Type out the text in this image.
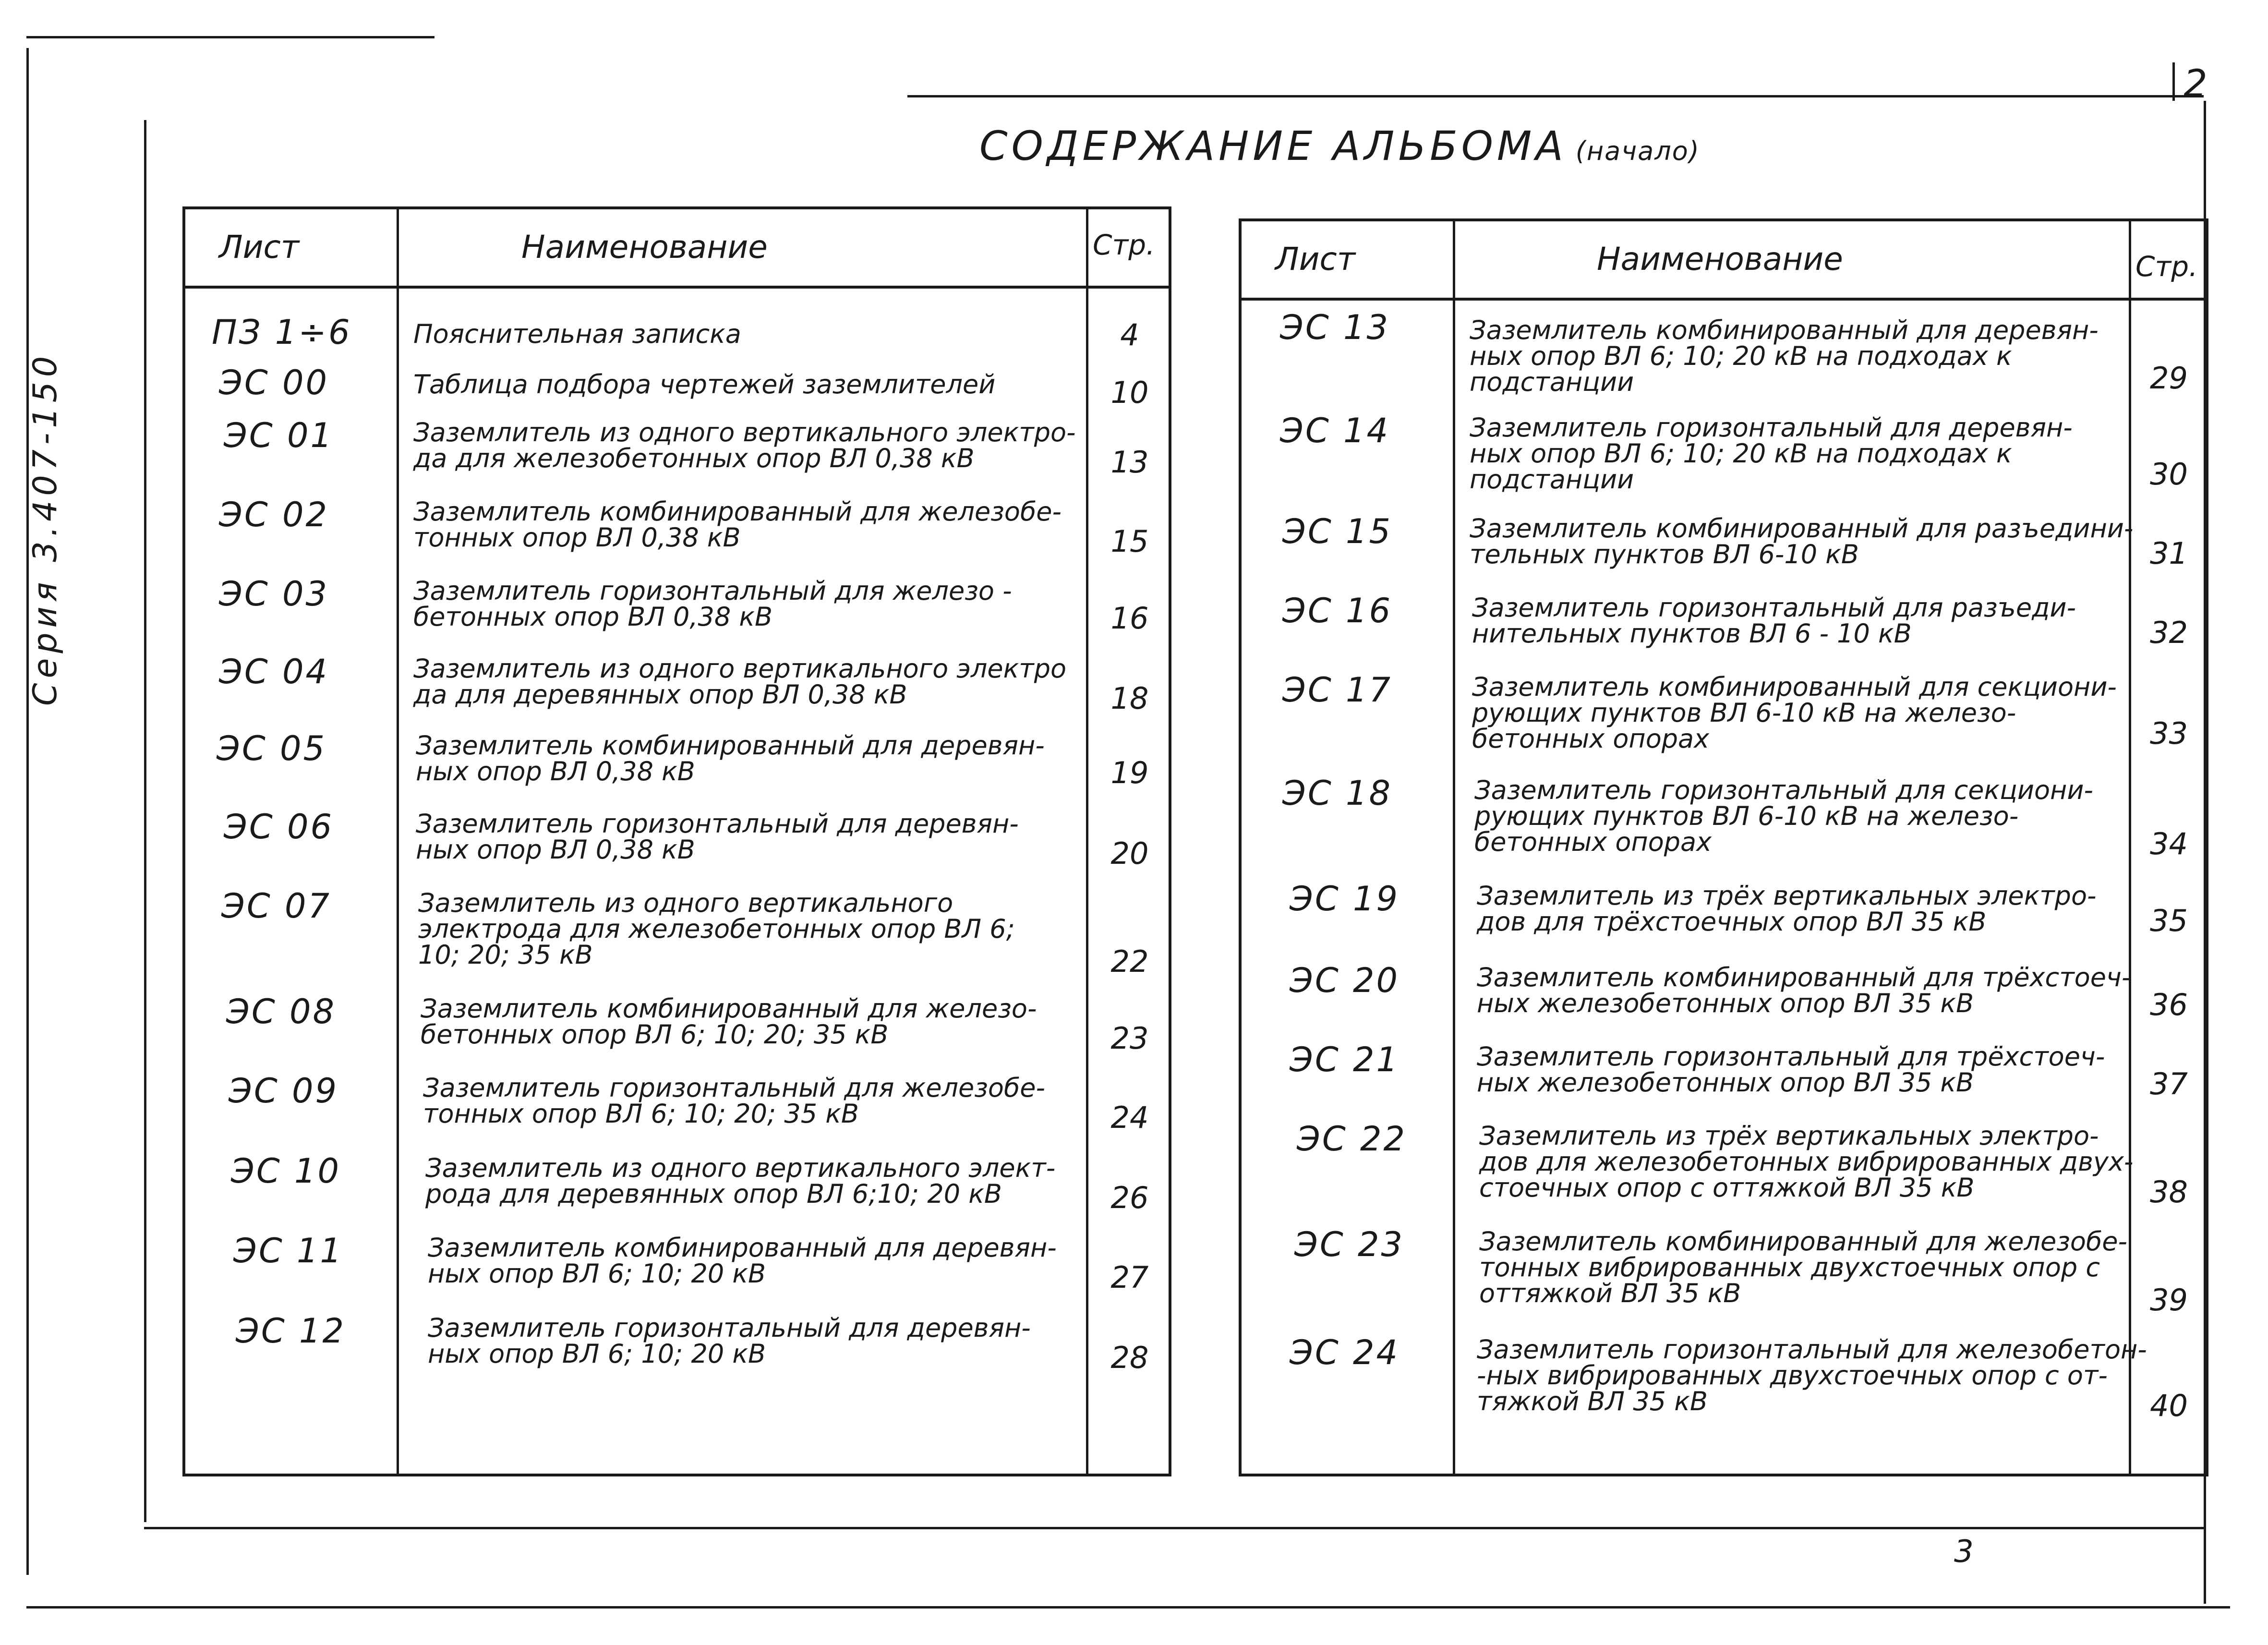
2
СОДЕРЖАНИЕ АЛЬБОМА (начало)
Серия 3.407-150
3
Лист	Наименование	Стр.
ПЗ 1÷6 Пояснительная записка	4
ЭС 00	Таблица подбора чертежей заземлителей	10
ЭС 01	Заземлитель из одного вертикального электро-
да для железобетонных опор ВЛ 0,38 кВ	13
ЭС 02	Заземлитель комбинированный для железобе-
тонных опор ВЛ 0,38 кВ	15
ЭС 03	Заземлитель горизонтальный для железо -
бетонных опор ВЛ 0,38 кВ	16
ЭС 04	Заземлитель из одного вертикального электро
да для деревянных опор ВЛ 0,38 кВ	18
ЭС 05	Заземлитель комбинированный для деревян-
ных опор ВЛ 0,38 кВ	19
ЭС 06	Заземлитель горизонтальный для деревян-
ных опор ВЛ 0,38 кВ	20
ЭС 07	Заземлитель из одного вертикального
электрода для железобетонных опор ВЛ 6;
10; 20; 35 кВ	22
ЭС 08	Заземлитель комбинированный для железо-
бетонных опор ВЛ 6; 10; 20; 35 кВ	23
ЭС 09	Заземлитель горизонтальный для железобе-
тонных опор ВЛ 6; 10; 20; 35 кВ	24
ЭС 10	Заземлитель из одного вертикального элект-
рода для деревянных опор ВЛ 6;10; 20 кВ	26
ЭС 11	Заземлитель комбинированный для деревян-
ных опор ВЛ 6; 10; 20 кВ	27
ЭС 12	Заземлитель горизонтальный для деревян-
ных опор ВЛ 6; 10; 20 кВ	28
Лист	Наименование	Стр.
ЭС 13	Заземлитель комбинированный для деревян-
ных опор ВЛ 6; 10; 20 кВ на подходах к
подстанции	29
ЭС 14	Заземлитель горизонтальный для деревян-
ных опор ВЛ 6; 10; 20 кВ на подходах к
подстанции	30
ЭС 15	Заземлитель комбинированный для разъедини-
тельных пунктов ВЛ 6-10 кВ	31
ЭС 16	Заземлитель горизонтальный для разъеди-
нительных пунктов ВЛ 6 - 10 кВ	32
ЭС 17	Заземлитель комбинированный для секциони-
рующих пунктов ВЛ 6-10 кВ на железо-
бетонных опорах	33
ЭС 18	Заземлитель горизонтальный для секциони-
рующих пунктов ВЛ 6-10 кВ на железо-
бетонных опорах	34
ЭС 19	Заземлитель из трёх вертикальных электро-
дов для трёхстоечных опор ВЛ 35 кВ	35
ЭС 20	Заземлитель комбинированный для трёхстоеч-
ных железобетонных опор ВЛ 35 кВ	36
ЭС 21	Заземлитель горизонтальный для трёхстоеч-
ных железобетонных опор ВЛ 35 кВ	37
ЭС 22	Заземлитель из трёх вертикальных электро-
дов для железобетонных вибрированных двух-
стоечных опор с оттяжкой ВЛ 35 кВ	38
ЭС 23	Заземлитель комбинированный для железобе-
тонных вибрированных двухстоечных опор с
оттяжкой ВЛ 35 кВ	39
ЭС 24	Заземлитель горизонтальный для железобетон-
-ных вибрированных двухстоечных опор с от-
тяжкой ВЛ 35 кВ	40
